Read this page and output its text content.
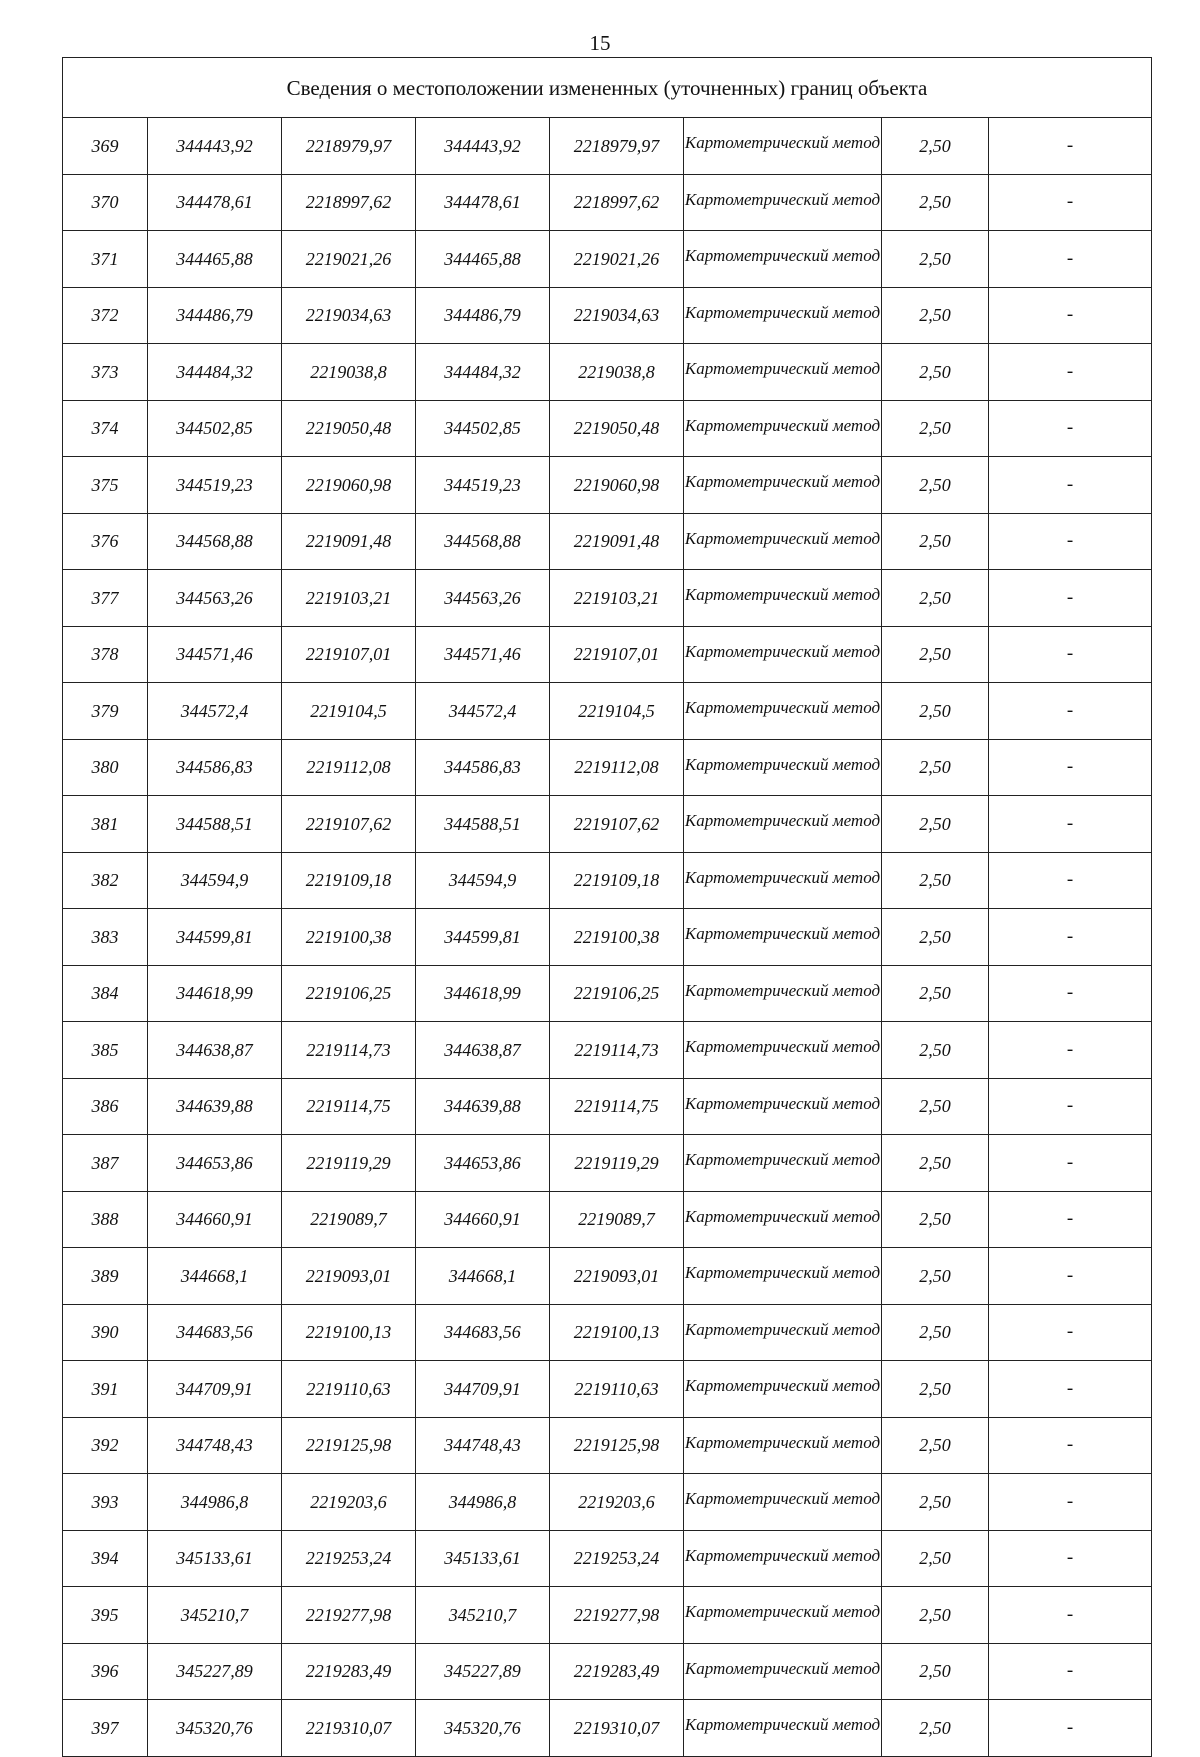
15
Сведения о местоположении измененных (уточненных) границ объекта							
369	344443,92	2218979,97	344443,92	2218979,97	Картометрический метод	2,50	-
370	344478,61	2218997,62	344478,61	2218997,62	Картометрический метод	2,50	-
371	344465,88	2219021,26	344465,88	2219021,26	Картометрический метод	2,50	-
372	344486,79	2219034,63	344486,79	2219034,63	Картометрический метод	2,50	-
373	344484,32	2219038,8	344484,32	2219038,8	Картометрический метод	2,50	-
374	344502,85	2219050,48	344502,85	2219050,48	Картометрический метод	2,50	-
375	344519,23	2219060,98	344519,23	2219060,98	Картометрический метод	2,50	-
376	344568,88	2219091,48	344568,88	2219091,48	Картометрический метод	2,50	-
377	344563,26	2219103,21	344563,26	2219103,21	Картометрический метод	2,50	-
378	344571,46	2219107,01	344571,46	2219107,01	Картометрический метод	2,50	-
379	344572,4	2219104,5	344572,4	2219104,5	Картометрический метод	2,50	-
380	344586,83	2219112,08	344586,83	2219112,08	Картометрический метод	2,50	-
381	344588,51	2219107,62	344588,51	2219107,62	Картометрический метод	2,50	-
382	344594,9	2219109,18	344594,9	2219109,18	Картометрический метод	2,50	-
383	344599,81	2219100,38	344599,81	2219100,38	Картометрический метод	2,50	-
384	344618,99	2219106,25	344618,99	2219106,25	Картометрический метод	2,50	-
385	344638,87	2219114,73	344638,87	2219114,73	Картометрический метод	2,50	-
386	344639,88	2219114,75	344639,88	2219114,75	Картометрический метод	2,50	-
387	344653,86	2219119,29	344653,86	2219119,29	Картометрический метод	2,50	-
388	344660,91	2219089,7	344660,91	2219089,7	Картометрический метод	2,50	-
389	344668,1	2219093,01	344668,1	2219093,01	Картометрический метод	2,50	-
390	344683,56	2219100,13	344683,56	2219100,13	Картометрический метод	2,50	-
391	344709,91	2219110,63	344709,91	2219110,63	Картометрический метод	2,50	-
392	344748,43	2219125,98	344748,43	2219125,98	Картометрический метод	2,50	-
393	344986,8	2219203,6	344986,8	2219203,6	Картометрический метод	2,50	-
394	345133,61	2219253,24	345133,61	2219253,24	Картометрический метод	2,50	-
395	345210,7	2219277,98	345210,7	2219277,98	Картометрический метод	2,50	-
396	345227,89	2219283,49	345227,89	2219283,49	Картометрический метод	2,50	-
397	345320,76	2219310,07	345320,76	2219310,07	Картометрический метод	2,50	-
